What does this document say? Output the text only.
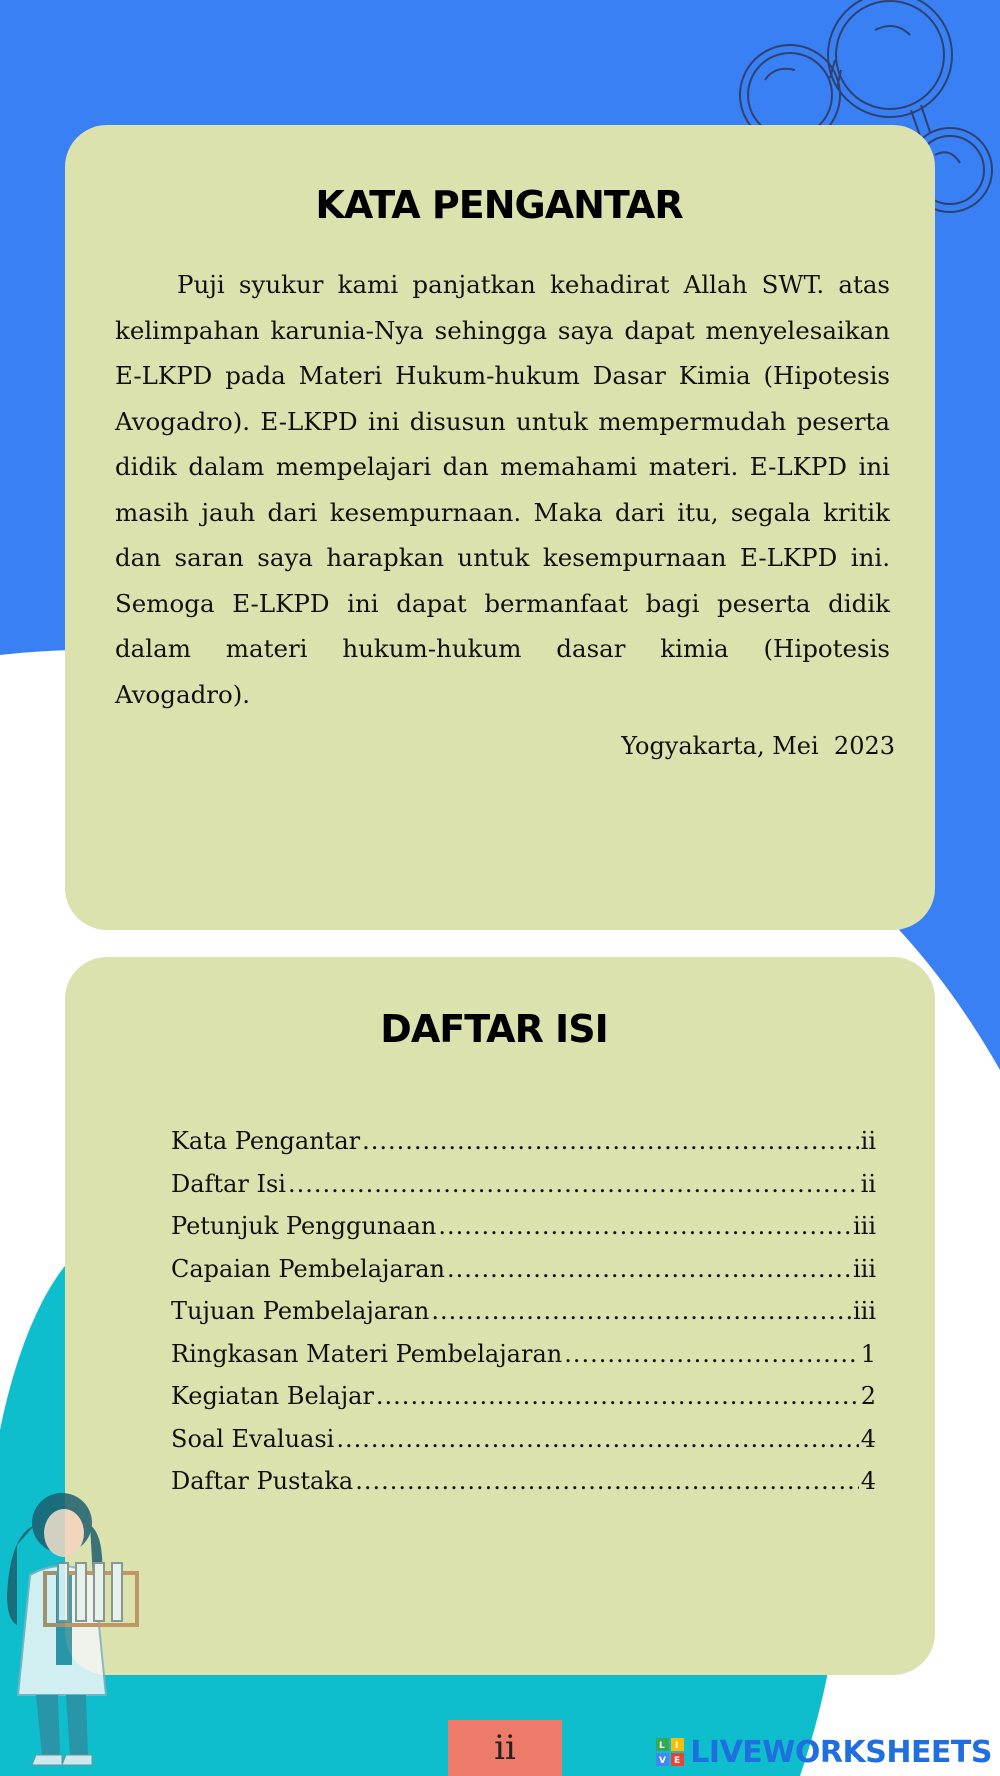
KATA PENGANTAR

Puji syukur kami panjatkan kehadirat Allah SWT. atas kelimpahan karunia-Nya sehingga saya dapat menyelesaikan E-LKPD pada Materi Hukum-hukum Dasar Kimia (Hipotesis Avogadro). E-LKPD ini disusun untuk mempermudah peserta didik dalam mempelajari dan memahami materi. E-LKPD ini masih jauh dari kesempurnaan. Maka dari itu, segala kritik dan saran saya harapkan untuk kesempurnaan E-LKPD ini. Semoga E-LKPD ini dapat bermanfaat bagi peserta didik dalam materi hukum-hukum dasar kimia (Hipotesis Avogadro).

Yogyakarta, Mei  2023
DAFTAR ISI
Kata Pengantar .....	ii
Daftar Isi .....	ii
Petunjuk Penggunaan .....	iii
Capaian Pembelajaran .....	iii
Tujuan Pembelajaran .....	iii
Ringkasan Materi Pembelajaran .....	1
Kegiatan Belajar .....	2
Soal Evaluasi .....	4
Daftar Pustaka .....	4
ii	L I
V E LIVEWORKSHEETS
